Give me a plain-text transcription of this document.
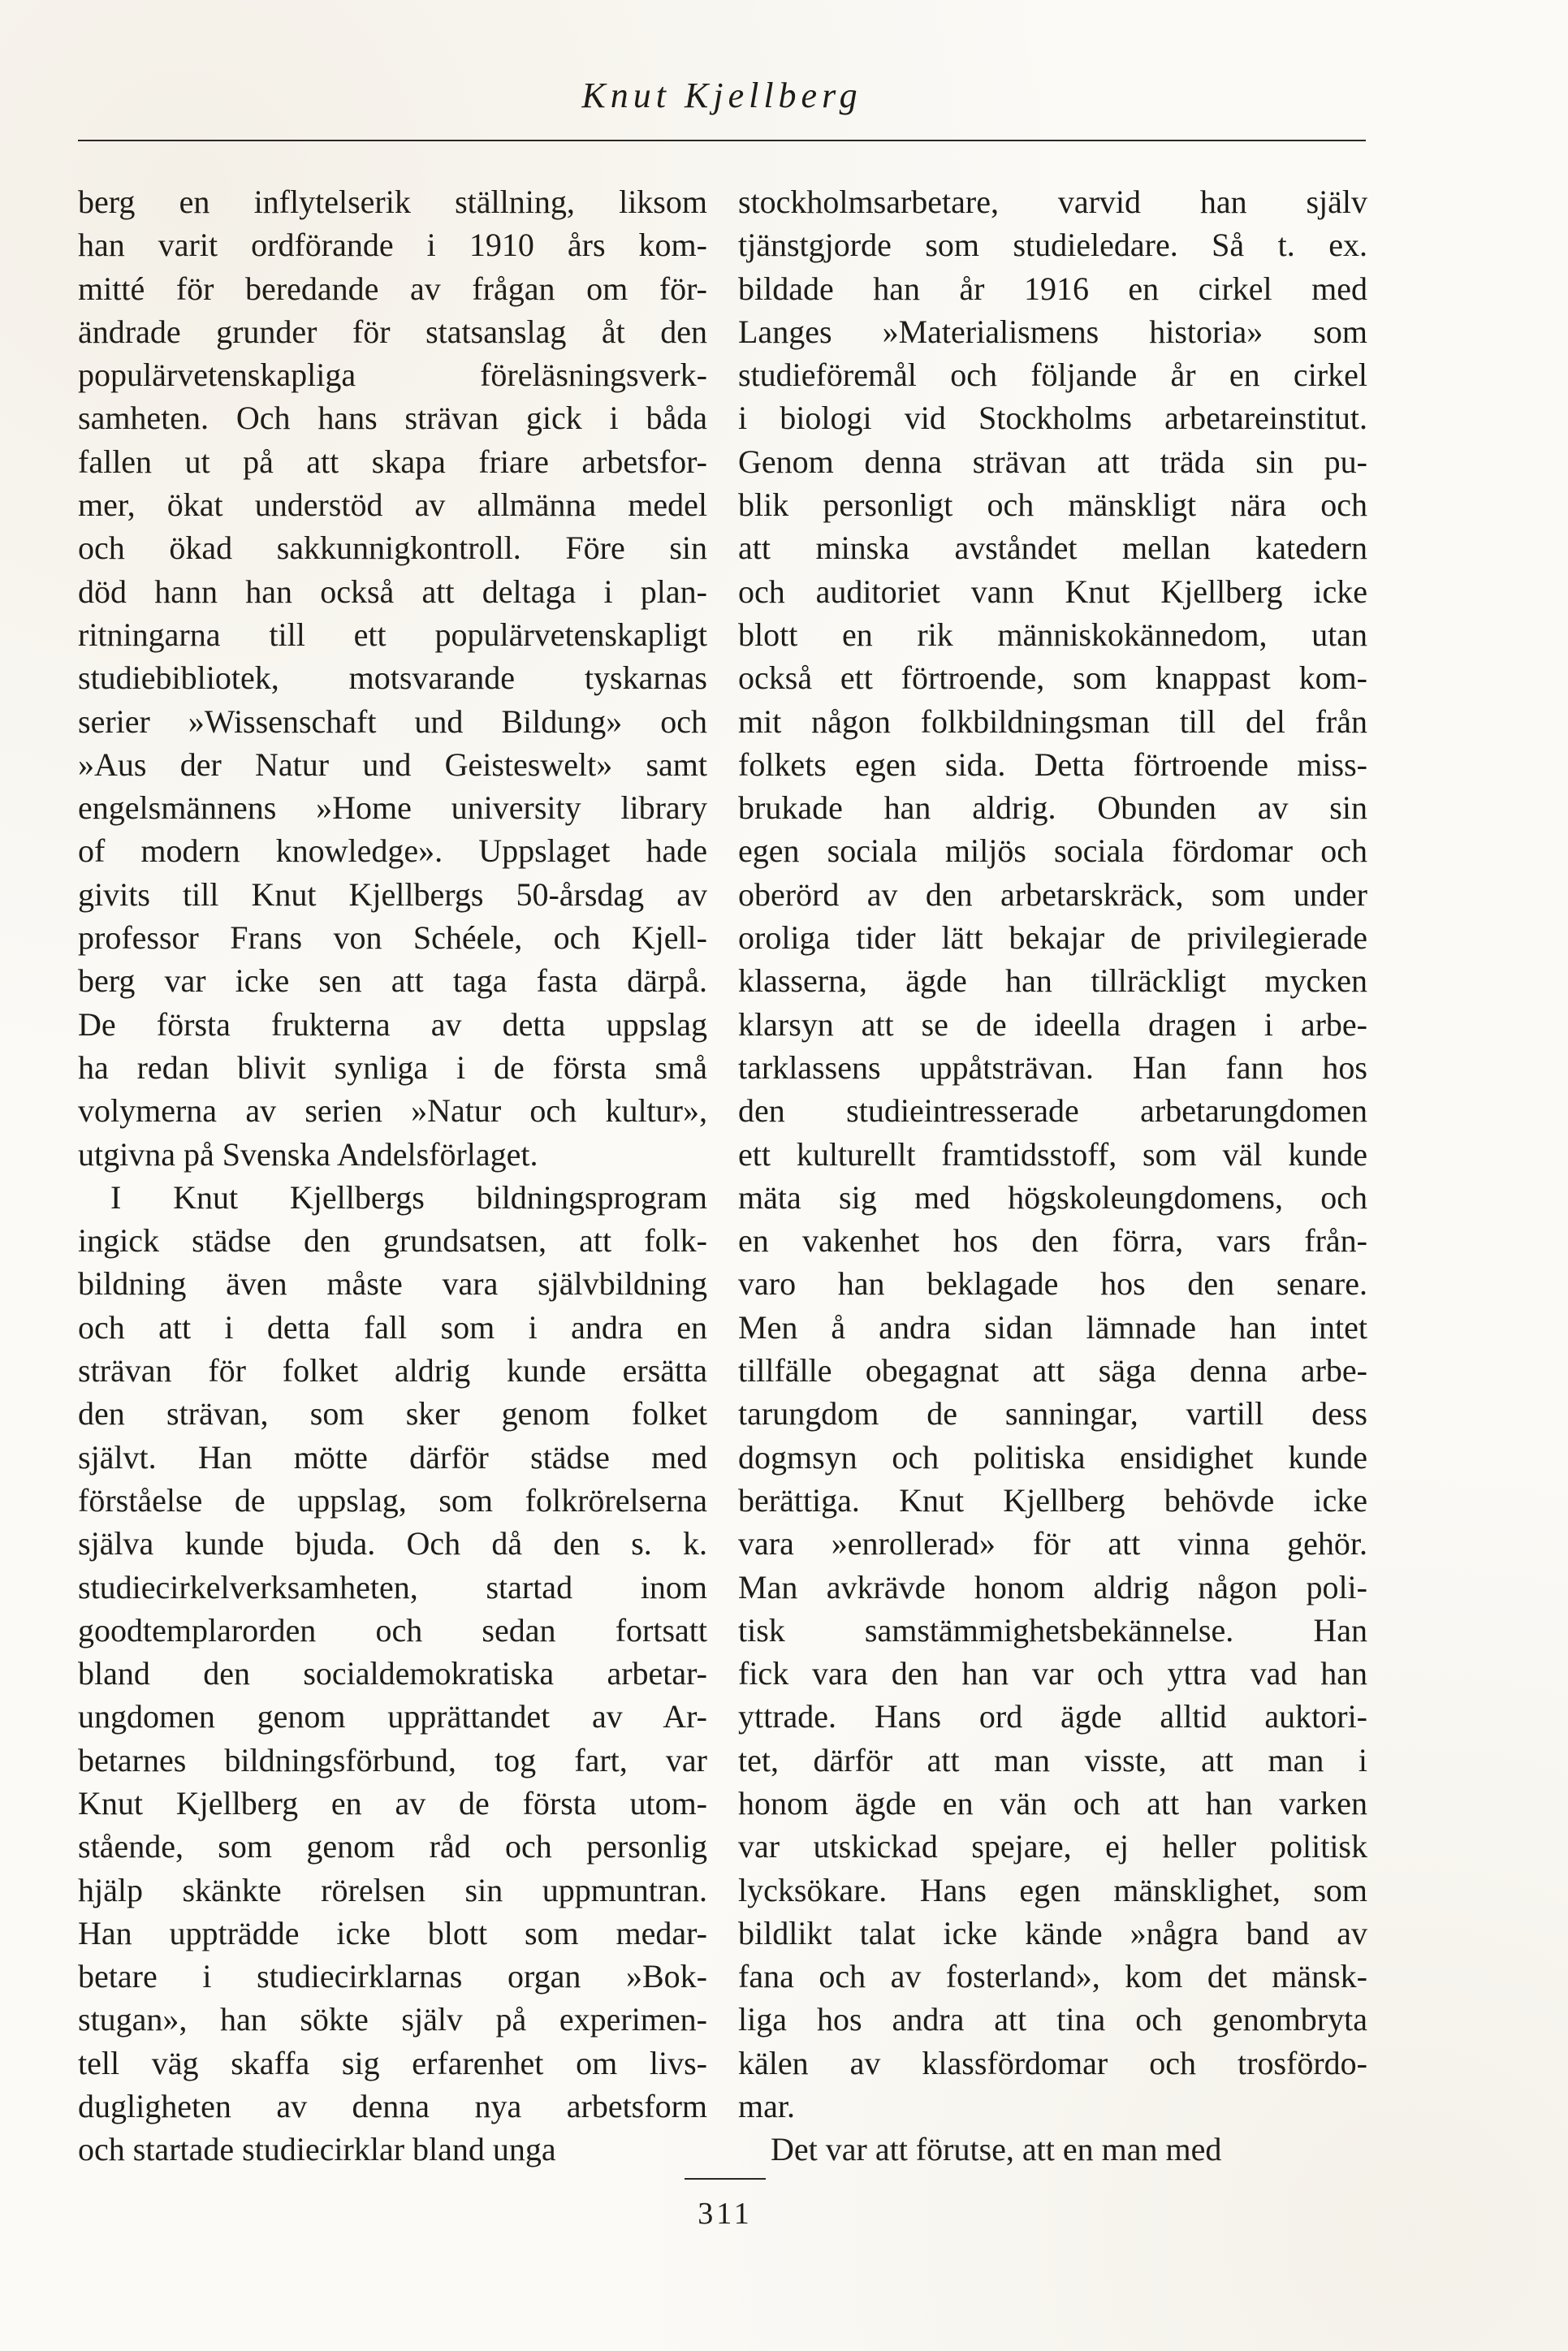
Knut Kjellberg
berg en inflytelserik ställning, liksom
han varit ordförande i 1910 års kom-
mitté för beredande av frågan om för-
ändrade grunder för statsanslag åt den
populärvetenskapliga föreläsningsverk-
samheten. Och hans strävan gick i båda
fallen ut på att skapa friare arbetsfor-
mer, ökat understöd av allmänna medel
och ökad sakkunnigkontroll. Före sin
död hann han också att deltaga i plan-
ritningarna till ett populärvetenskapligt
studiebibliotek, motsvarande tyskarnas
serier »Wissenschaft und Bildung» och
»Aus der Natur und Geisteswelt» samt
engelsmännens »Home university library
of modern knowledge». Uppslaget hade
givits till Knut Kjellbergs 50-årsdag av
professor Frans von Schéele, och Kjell-
berg var icke sen att taga fasta därpå.
De första frukterna av detta uppslag
ha redan blivit synliga i de första små
volymerna av serien »Natur och kultur»,
utgivna på Svenska Andelsförlaget.
I Knut Kjellbergs bildningsprogram
ingick städse den grundsatsen, att folk-
bildning även måste vara självbildning
och att i detta fall som i andra en
strävan för folket aldrig kunde ersätta
den strävan, som sker genom folket
självt. Han mötte därför städse med
förståelse de uppslag, som folkrörelserna
själva kunde bjuda. Och då den s. k.
studiecirkelverksamheten, startad inom
goodtemplarorden och sedan fortsatt
bland den socialdemokratiska arbetar-
ungdomen genom upprättandet av Ar-
betarnes bildningsförbund, tog fart, var
Knut Kjellberg en av de första utom-
stående, som genom råd och personlig
hjälp skänkte rörelsen sin uppmuntran.
Han uppträdde icke blott som medar-
betare i studiecirklarnas organ »Bok-
stugan», han sökte själv på experimen-
tell väg skaffa sig erfarenhet om livs-
dugligheten av denna nya arbetsform
och startade studiecirklar bland unga
stockholmsarbetare, varvid han själv
tjänstgjorde som studieledare. Så t. ex.
bildade han år 1916 en cirkel med
Langes »Materialismens historia» som
studieföremål och följande år en cirkel
i biologi vid Stockholms arbetareinstitut.
Genom denna strävan att träda sin pu-
blik personligt och mänskligt nära och
att minska avståndet mellan katedern
och auditoriet vann Knut Kjellberg icke
blott en rik människokännedom, utan
också ett förtroende, som knappast kom-
mit någon folkbildningsman till del från
folkets egen sida. Detta förtroende miss-
brukade han aldrig. Obunden av sin
egen sociala miljös sociala fördomar och
oberörd av den arbetarskräck, som under
oroliga tider lätt bekajar de privilegierade
klasserna, ägde han tillräckligt mycken
klarsyn att se de ideella dragen i arbe-
tarklassens uppåtsträvan. Han fann hos
den studieintresserade arbetarungdomen
ett kulturellt framtidsstoff, som väl kunde
mäta sig med högskoleungdomens, och
en vakenhet hos den förra, vars från-
varo han beklagade hos den senare.
Men å andra sidan lämnade han intet
tillfälle obegagnat att säga denna arbe-
tarungdom de sanningar, vartill dess
dogmsyn och politiska ensidighet kunde
berättiga. Knut Kjellberg behövde icke
vara »enrollerad» för att vinna gehör.
Man avkrävde honom aldrig någon poli-
tisk samstämmighetsbekännelse. Han
fick vara den han var och yttra vad han
yttrade. Hans ord ägde alltid auktori-
tet, därför att man visste, att man i
honom ägde en vän och att han varken
var utskickad spejare, ej heller politisk
lycksökare. Hans egen mänsklighet, som
bildlikt talat icke kände »några band av
fana och av fosterland», kom det mänsk-
liga hos andra att tina och genombryta
kälen av klassfördomar och trosfördo-
mar.
Det var att förutse, att en man med
311
